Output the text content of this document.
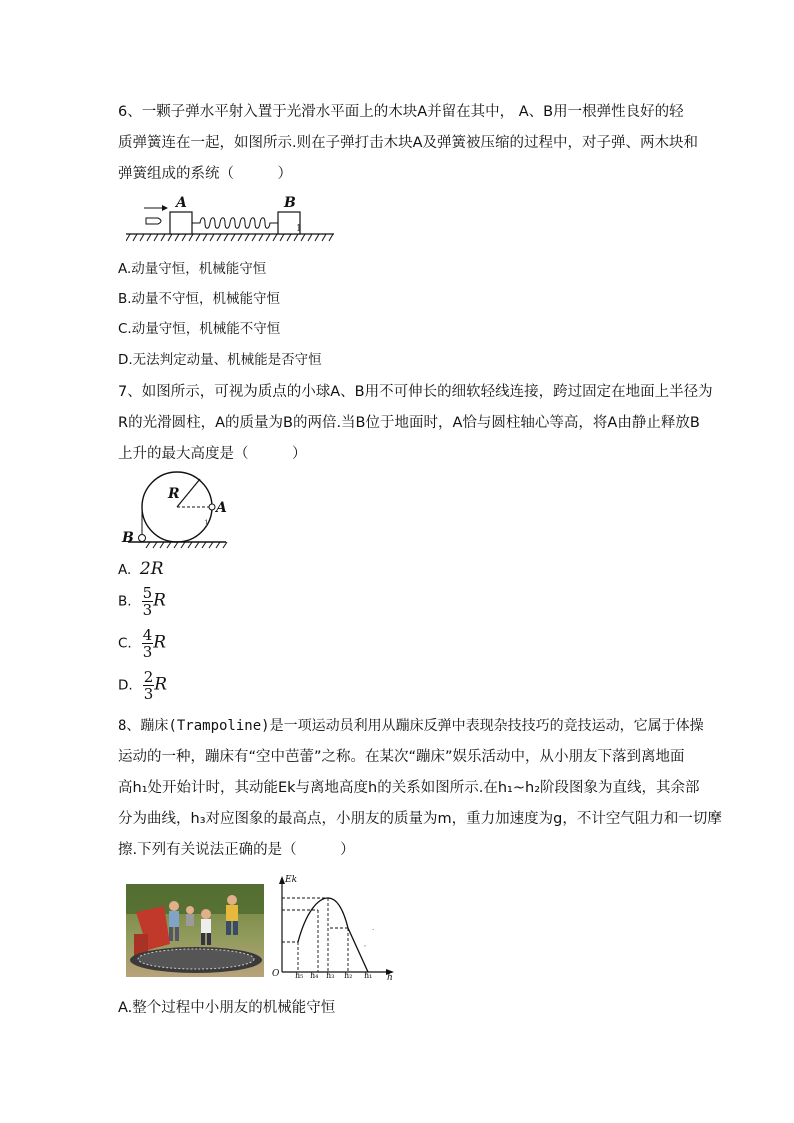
6、一颗子弹水平射入置于光滑水平面上的木块A并留在其中， A、B用一根弹性良好的轻
质弹簧连在一起，如图所示.则在子弹打击木块A及弹簧被压缩的过程中，对子弹、两木块和
弹簧组成的系统（　　　）
1
A	B
A.动量守恒，机械能守恒
B.动量不守恒，机械能守恒
C.动量守恒，机械能不守恒
D.无法判定动量、机械能是否守恒
7、如图所示，可视为质点的小球A、B用不可伸长的细软轻线连接，跨过固定在地面上半径为
R的光滑圆柱，A的质量为B的两倍.当B位于地面时，A恰与圆柱轴心等高，将A由静止释放B
上升的最大高度是（　　　）
1
R
A
B
A. 2R
B. $\frac{5}{3}$ R
C. $\frac{4}{3}$ R
D. $\frac{2}{3}$ R
8、蹦床(Trampoline)是一项运动员利用从蹦床反弹中表现杂技技巧的竞技运动，它属于体操
运动的一种，蹦床有“空中芭蕾”之称。在某次“蹦床”娱乐活动中，从小朋友下落到离地面
高h₁处开始计时，其动能Ek与离地高度h的关系如图所示.在h₁~h₂阶段图象为直线，其余部
分为曲线，h₃对应图象的最高点，小朋友的质量为m，重力加速度为g，不计空气阻力和一切摩
擦.下列有关说法正确的是（　　　）
,
.
Ek
h
O h₅ h₄ h₃ h₂ h₁
A.整个过程中小朋友的机械能守恒
